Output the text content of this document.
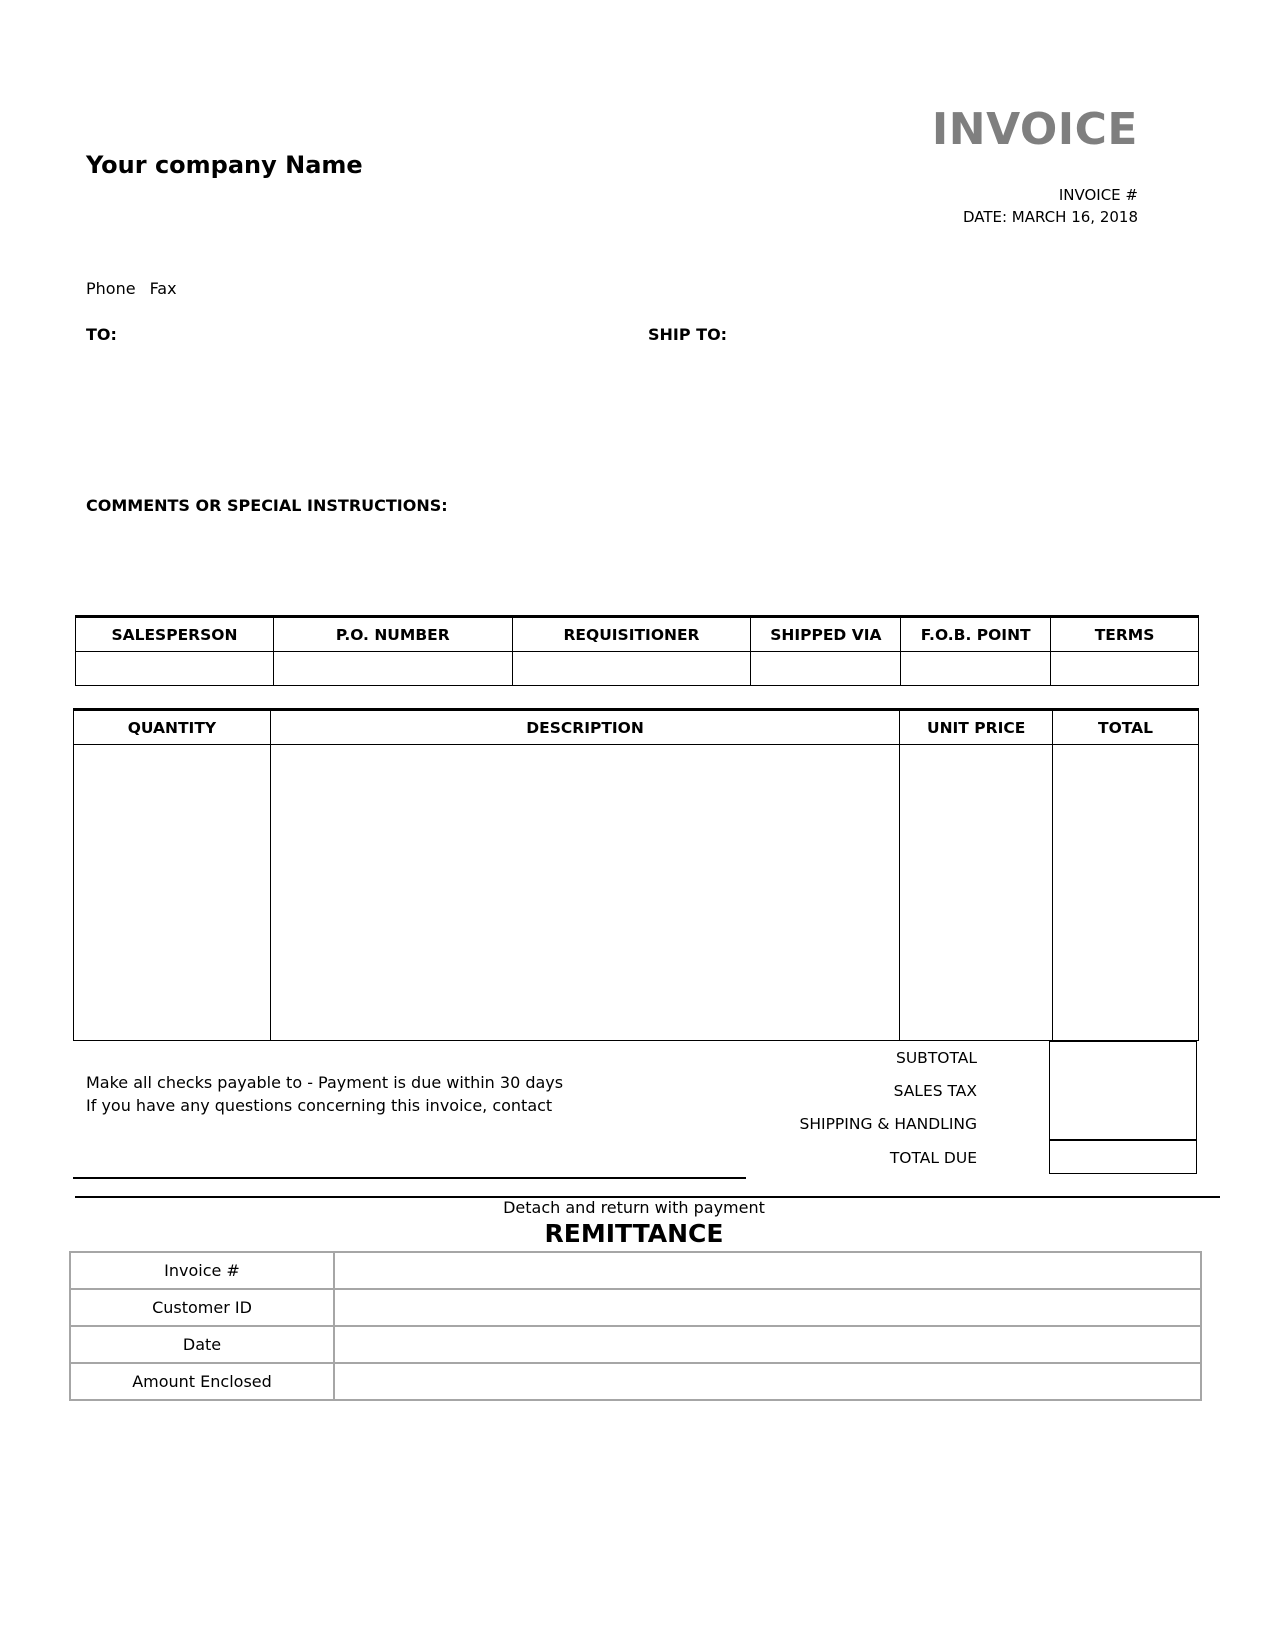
INVOICE
Your company Name
INVOICE #
DATE: MARCH 16, 2018
Phone Fax
TO:	SHIP TO:
COMMENTS OR SPECIAL INSTRUCTIONS:
SALESPERSON	P.O. NUMBER	REQUISITIONER	SHIPPED VIA	F.O.B. POINT	TERMS

QUANTITY	DESCRIPTION	UNIT PRICE	TOTAL

SUBTOTAL
SALES TAX
SHIPPING & HANDLING
TOTAL DUE
Make all checks payable to - Payment is due within 30 days
If you have any questions concerning this invoice, contact
Detach and return with payment
REMITTANCE
Invoice #	
Customer ID	
Date	
Amount Enclosed	
